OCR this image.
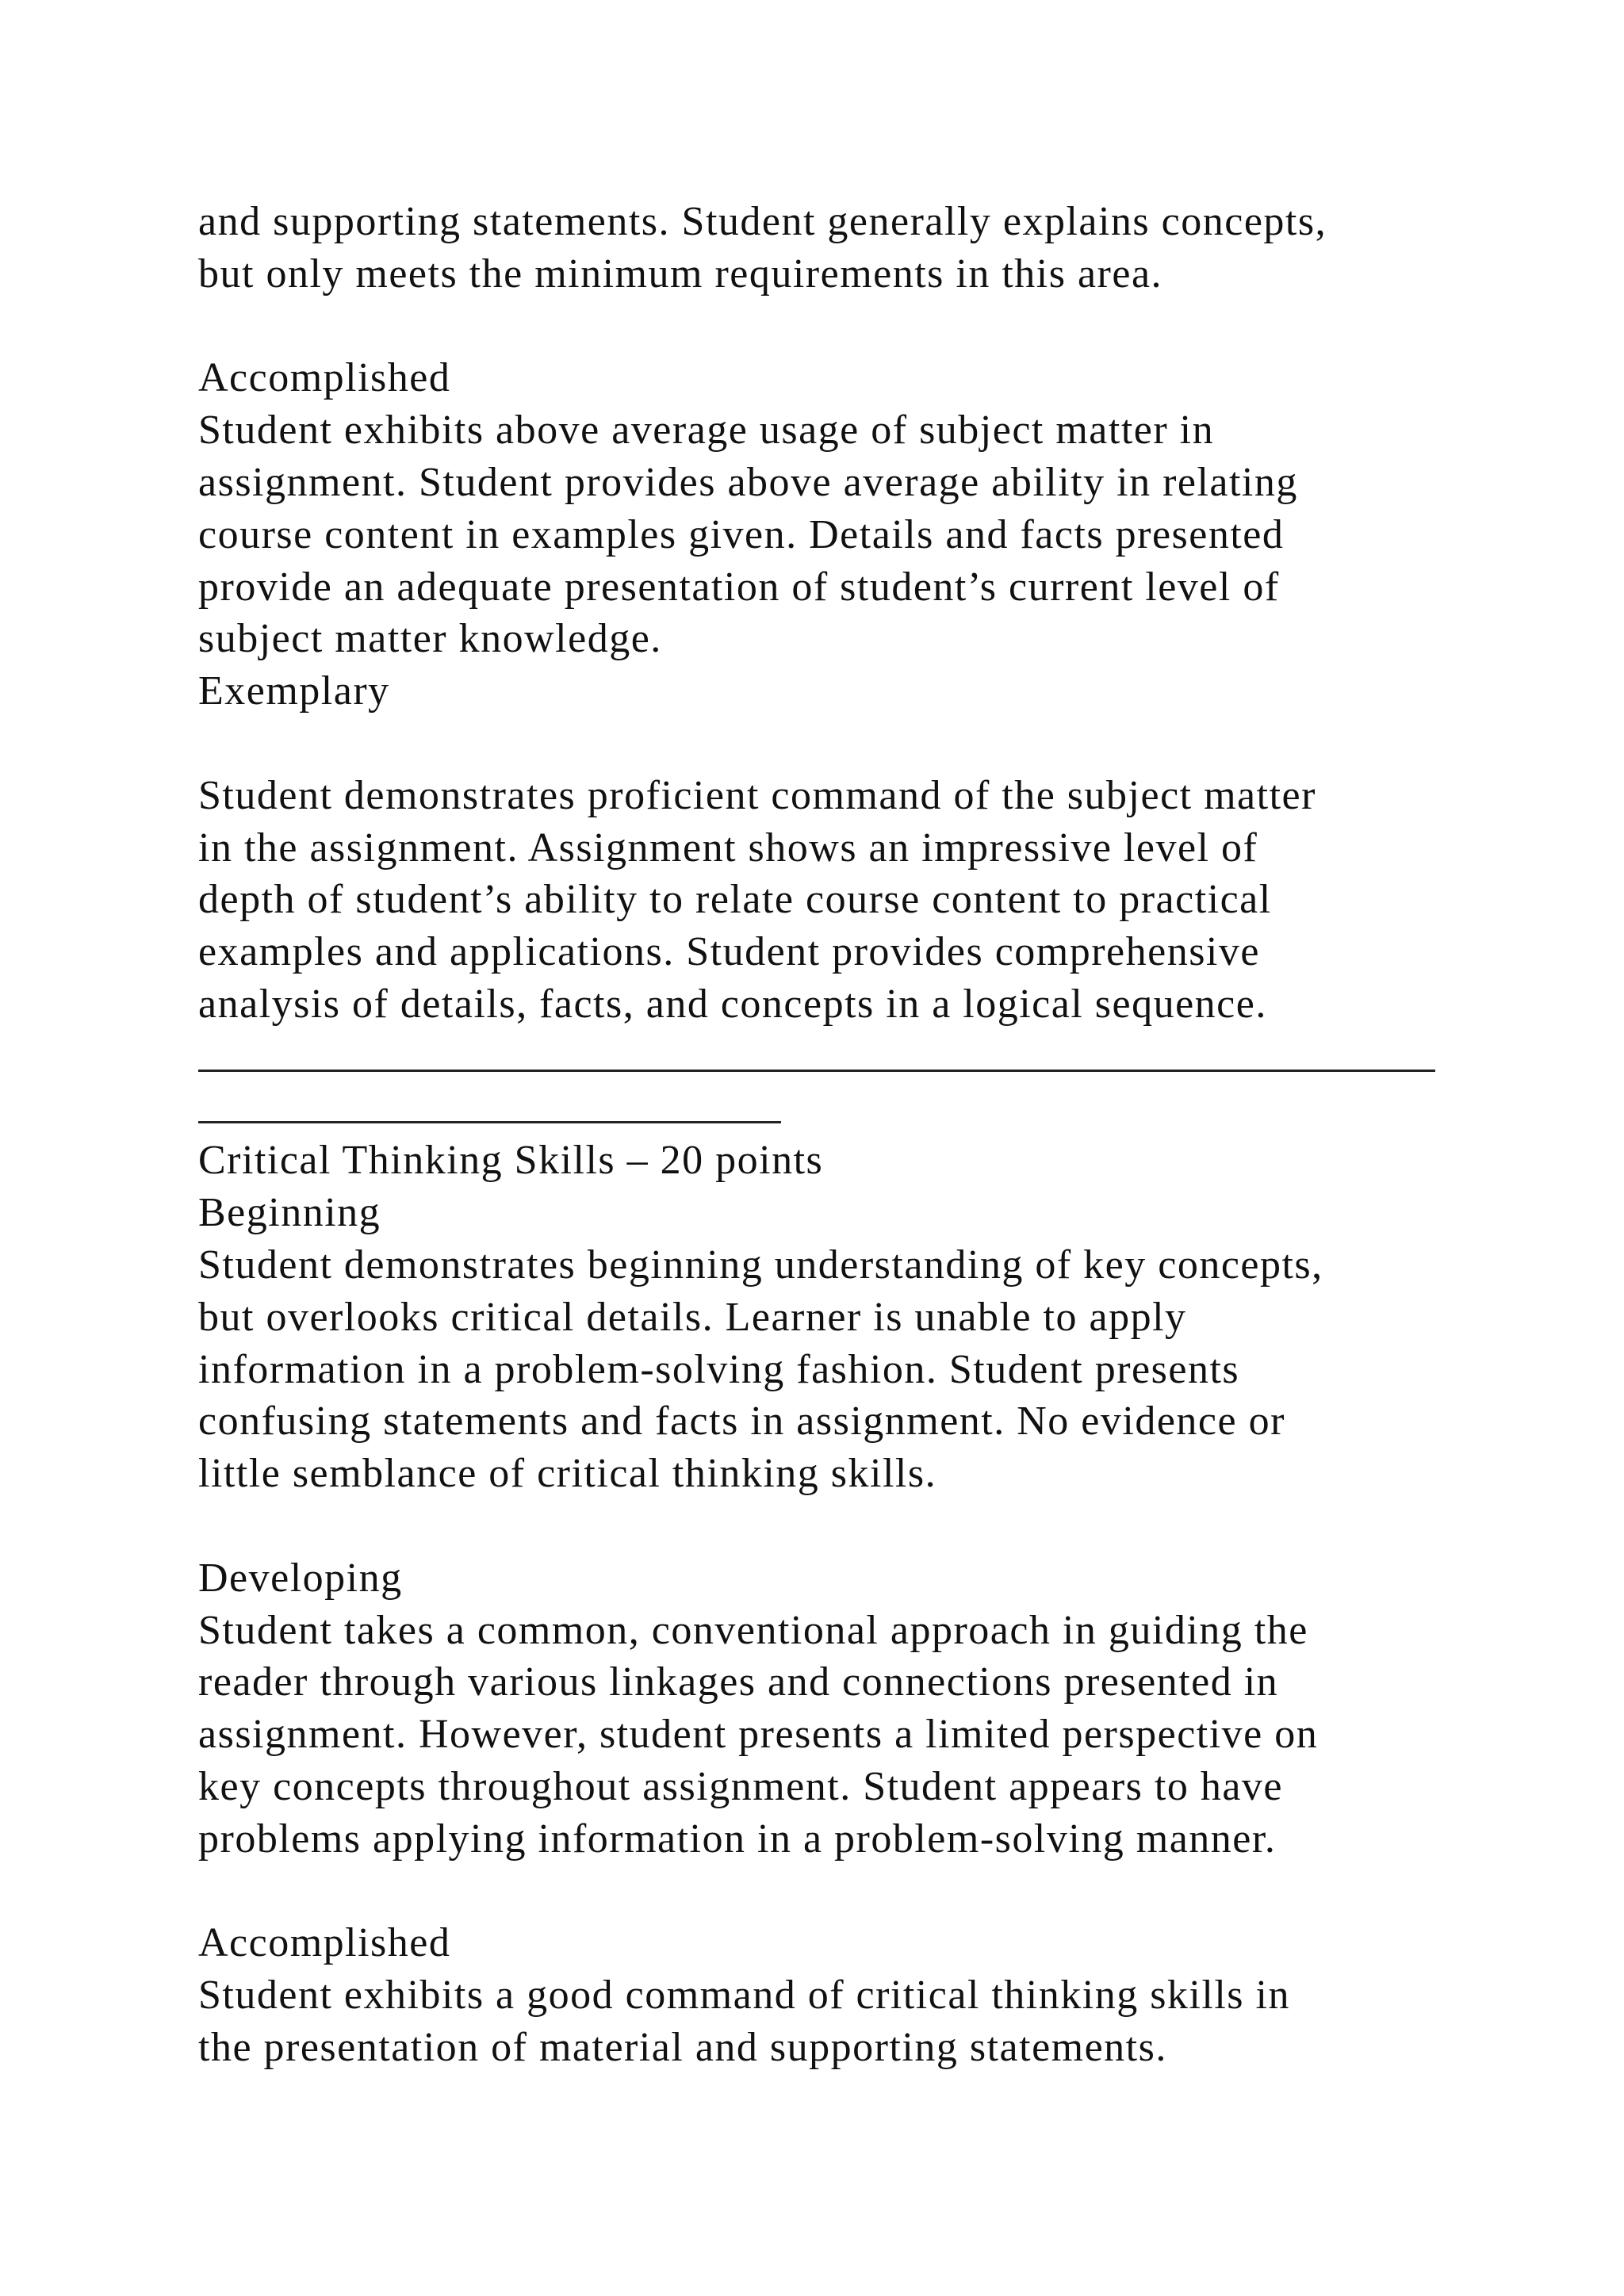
and supporting statements. Student generally explains concepts,
but only meets the minimum requirements in this area.
Accomplished
Student exhibits above average usage of subject matter in
assignment. Student provides above average ability in relating
course content in examples given. Details and facts presented
provide an adequate presentation of student’s current level of
subject matter knowledge.
Exemplary
Student demonstrates proficient command of the subject matter
in the assignment. Assignment shows an impressive level of
depth of student’s ability to relate course content to practical
examples and applications. Student provides comprehensive
analysis of details, facts, and concepts in a logical sequence.
Critical Thinking Skills – 20 points
Beginning
Student demonstrates beginning understanding of key concepts,
but overlooks critical details. Learner is unable to apply
information in a problem-solving fashion. Student presents
confusing statements and facts in assignment. No evidence or
little semblance of critical thinking skills.
Developing
Student takes a common, conventional approach in guiding the
reader through various linkages and connections presented in
assignment. However, student presents a limited perspective on
key concepts throughout assignment. Student appears to have
problems applying information in a problem-solving manner.
Accomplished
Student exhibits a good command of critical thinking skills in
the presentation of material and supporting statements.
